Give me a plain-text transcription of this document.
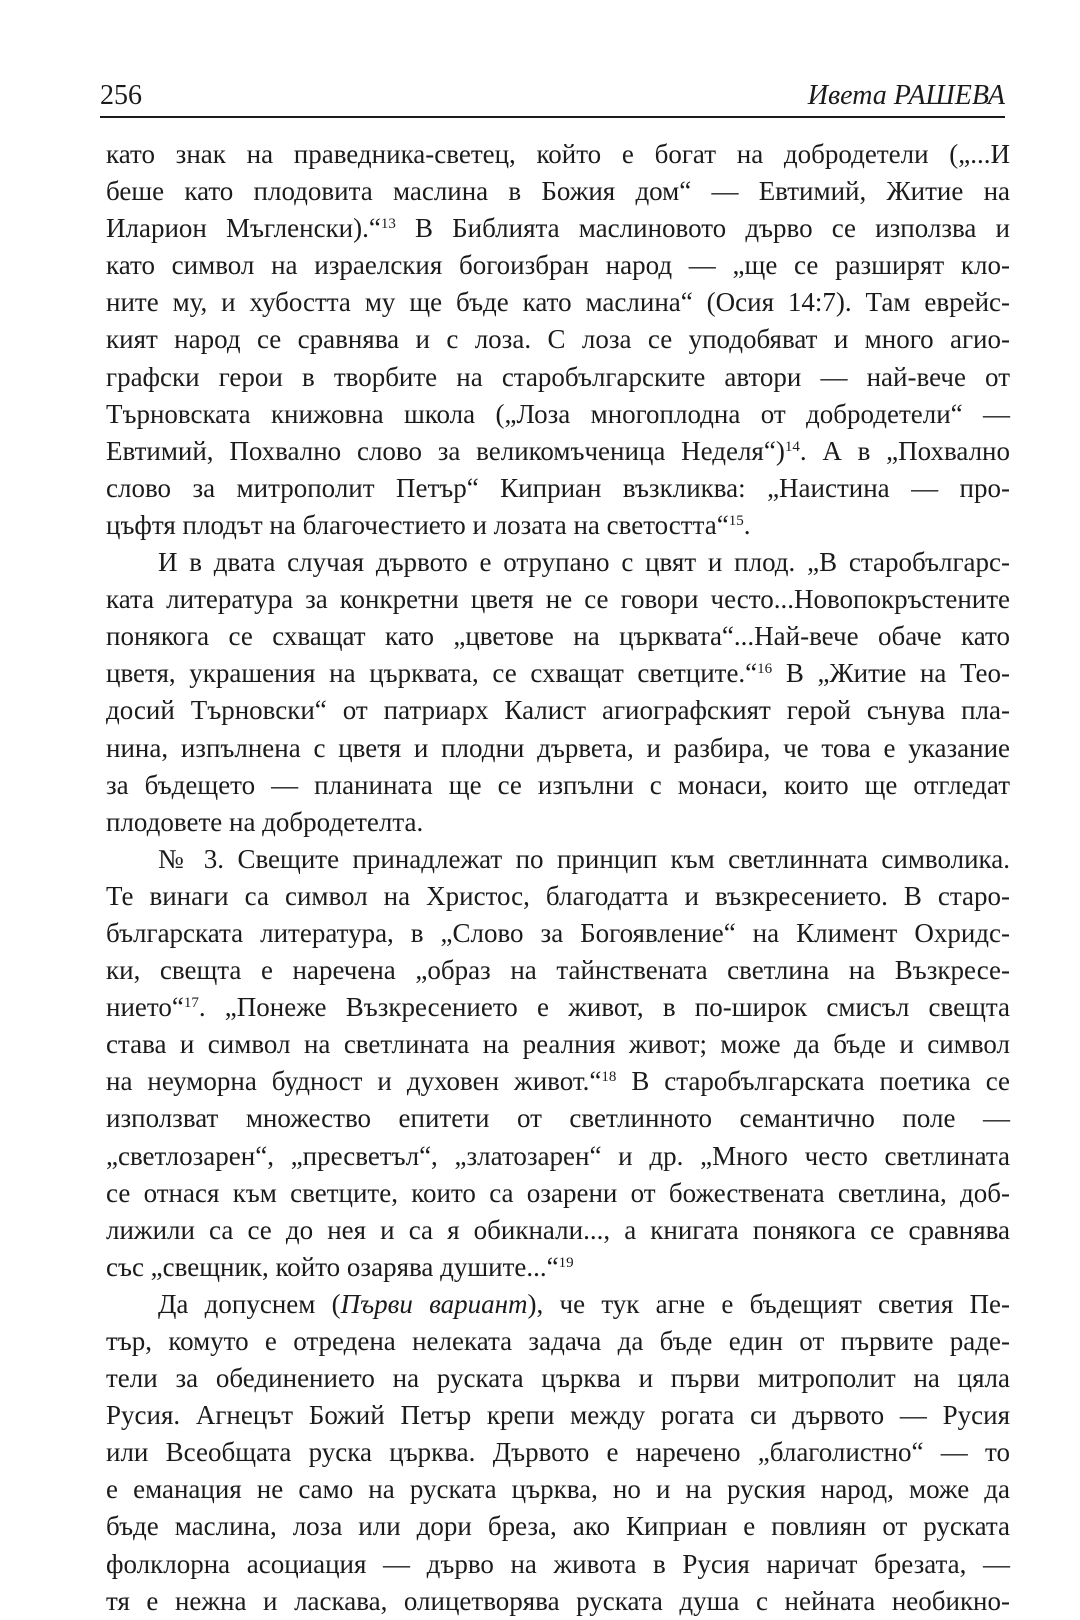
256	Ивета РАШЕВА
като знак на праведника-светец, който е богат на добродетели („...И
беше като плодовита маслина в Божия дом“ — Евтимий, Житие на
Иларион Мъгленски).“$^{13}$ В Библията маслиновото дърво се използва и
като символ на израелския богоизбран народ — „ще се разширят кло-
ните му, и хубостта му ще бъде като маслина“ (Осия 14:7). Там еврейс-
кият народ се сравнява и с лоза. С лоза се уподобяват и много агио-
графски герои в творбите на старобългарските автори — най-вече от
Търновската книжовна школа („Лоза многоплодна от добродетели“ —
Евтимий, Похвално слово за великомъченица Неделя“)$^{14}$. А в „Похвално
слово за митрополит Петър“ Киприан възкликва: „Наистина — про-
цъфтя плодът на благочестието и лозата на светостта“$^{15}$.
И в двата случая дървото е отрупано с цвят и плод. „В старобългарс-
ката литература за конкретни цветя не се говори често...Новопокръстените
понякога се схващат като „цветове на църквата“...Най-вече обаче като
цветя, украшения на църквата, се схващат светците.“$^{16}$ В „Житие на Тео-
досий Търновски“ от патриарх Калист агиографският герой сънува пла-
нина, изпълнена с цветя и плодни дървета, и разбира, че това е указание
за бъдещето — планината ще се изпълни с монаси, които ще отгледат
плодовете на добродетелта.
№ 3. Свещите принадлежат по принцип към светлинната символика.
Те винаги са символ на Христос, благодатта и възкресението. В старо-
българската литература, в „Слово за Богоявление“ на Климент Охридс-
ки, свещта е наречена „образ на тайнствената светлина на Възкресе-
нието“$^{17}$. „Понеже Възкресението е живот, в по-широк смисъл свещта
става и символ на светлината на реалния живот; може да бъде и символ
на неуморна будност и духовен живот.“$^{18}$ В старобългарската поетика се
използват множество епитети от светлинното семантично поле —
„светлозарен“, „пресветъл“, „златозарен“ и др. „Много често светлината
се отнася към светците, които са озарени от божествената светлина, доб-
лижили са се до нея и са я обикнали..., а книгата понякога се сравнява
със „свещник, който озарява душите...“$^{19}$
Да допуснем (Първи вариант), че тук агне е бъдещият светия Пе-
тър, комуто е отредена нелеката задача да бъде един от първите раде-
тели за обединението на руската църква и първи митрополит на цяла
Русия. Агнецът Божий Петър крепи между рогата си дървото — Русия
или Всеобщата руска църква. Дървото е наречено „благолистно“ — то
е еманация не само на руската църква, но и на руския народ, може да
бъде маслина, лоза или дори бреза, ако Киприан е повлиян от руската
фолклорна асоциация — дърво на живота в Русия наричат брезата, —
тя е нежна и ласкава, олицетворява руската душа с нейната необикно-
